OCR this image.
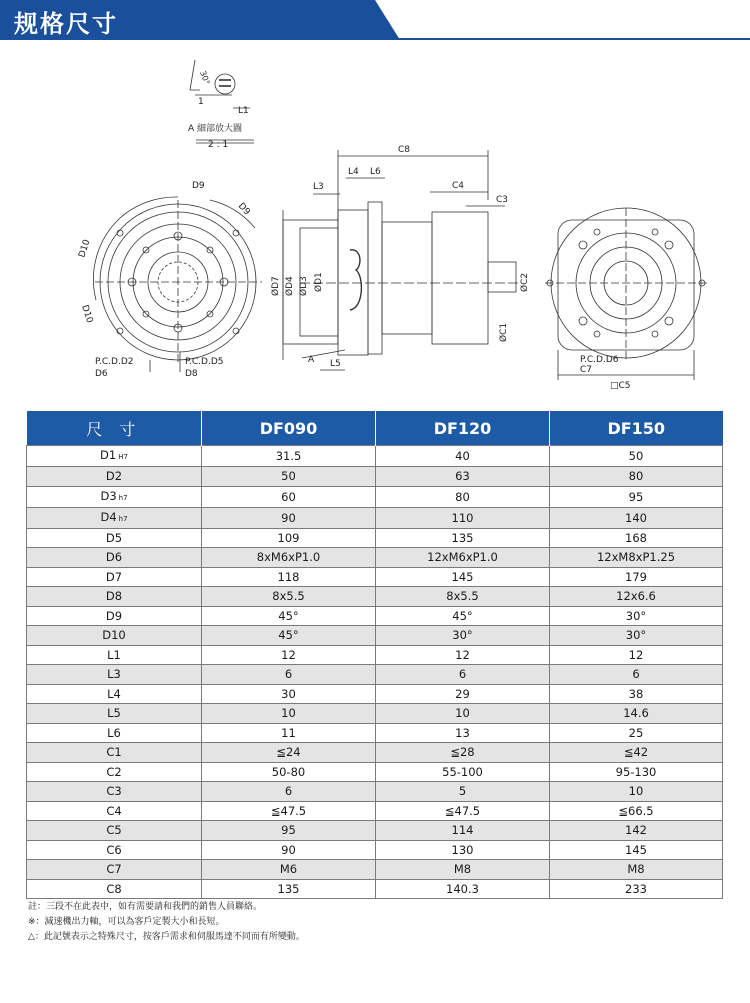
规格尺寸
30°
1
L1
A 細部放大圖
2 : 1
D10
D10
D9
D9
P.C.D.D2
D6
P.C.D.D5
D8
C8
L3
L4 L6
C4
C3
ØD7 ØD4 ØD3 ØD1	ØC2
ØC1
A L5	P.C.D.D6
C7
□C5
尺 寸	DF090	DF120	DF150
D1 H7	31.5	40	50
D2	50	63	80
D3 h7	60	80	95
D4 h7	90	110	140
D5	109	135	168
D6	8xM6xP1.0	12xM6xP1.0	12xM8xP1.25
D7	118	145	179
D8	8x5.5	8x5.5	12x6.6
D9	45°	45°	30°
D10	45°	30°	30°
L1	12	12	12
L3	6	6	6
L4	30	29	38
L5	10	10	14.6
L6	11	13	25
C1	≦24	≦28	≦42
C2	50-80	55-100	95-130
C3	6	5	10
C4	≦47.5	≦47.5	≦66.5
C5	95	114	142
C6	90	130	145
C7	M6	M8	M8
C8	135	140.3	233
註：三段不在此表中，如有需要請和我們的銷售人員聯絡。
※：減速機出力軸，可以為客戶定製大小和長短。
△：此記號表示之特殊尺寸，按客戶需求和伺服馬達不同而有所變動。
